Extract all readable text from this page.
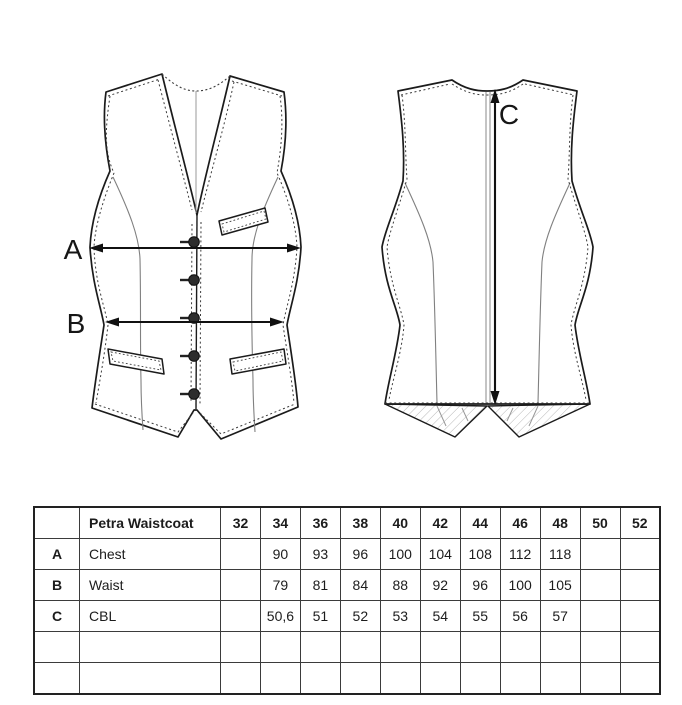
A
B
C
	Petra Waistcoat	32	34	36	38	40	42	44	46	48	50	52
A	Chest		90	93	96	100	104	108	112	118		
B	Waist		79	81	84	88	92	96	100	105		
C	CBL		50,6	51	52	53	54	55	56	57		
